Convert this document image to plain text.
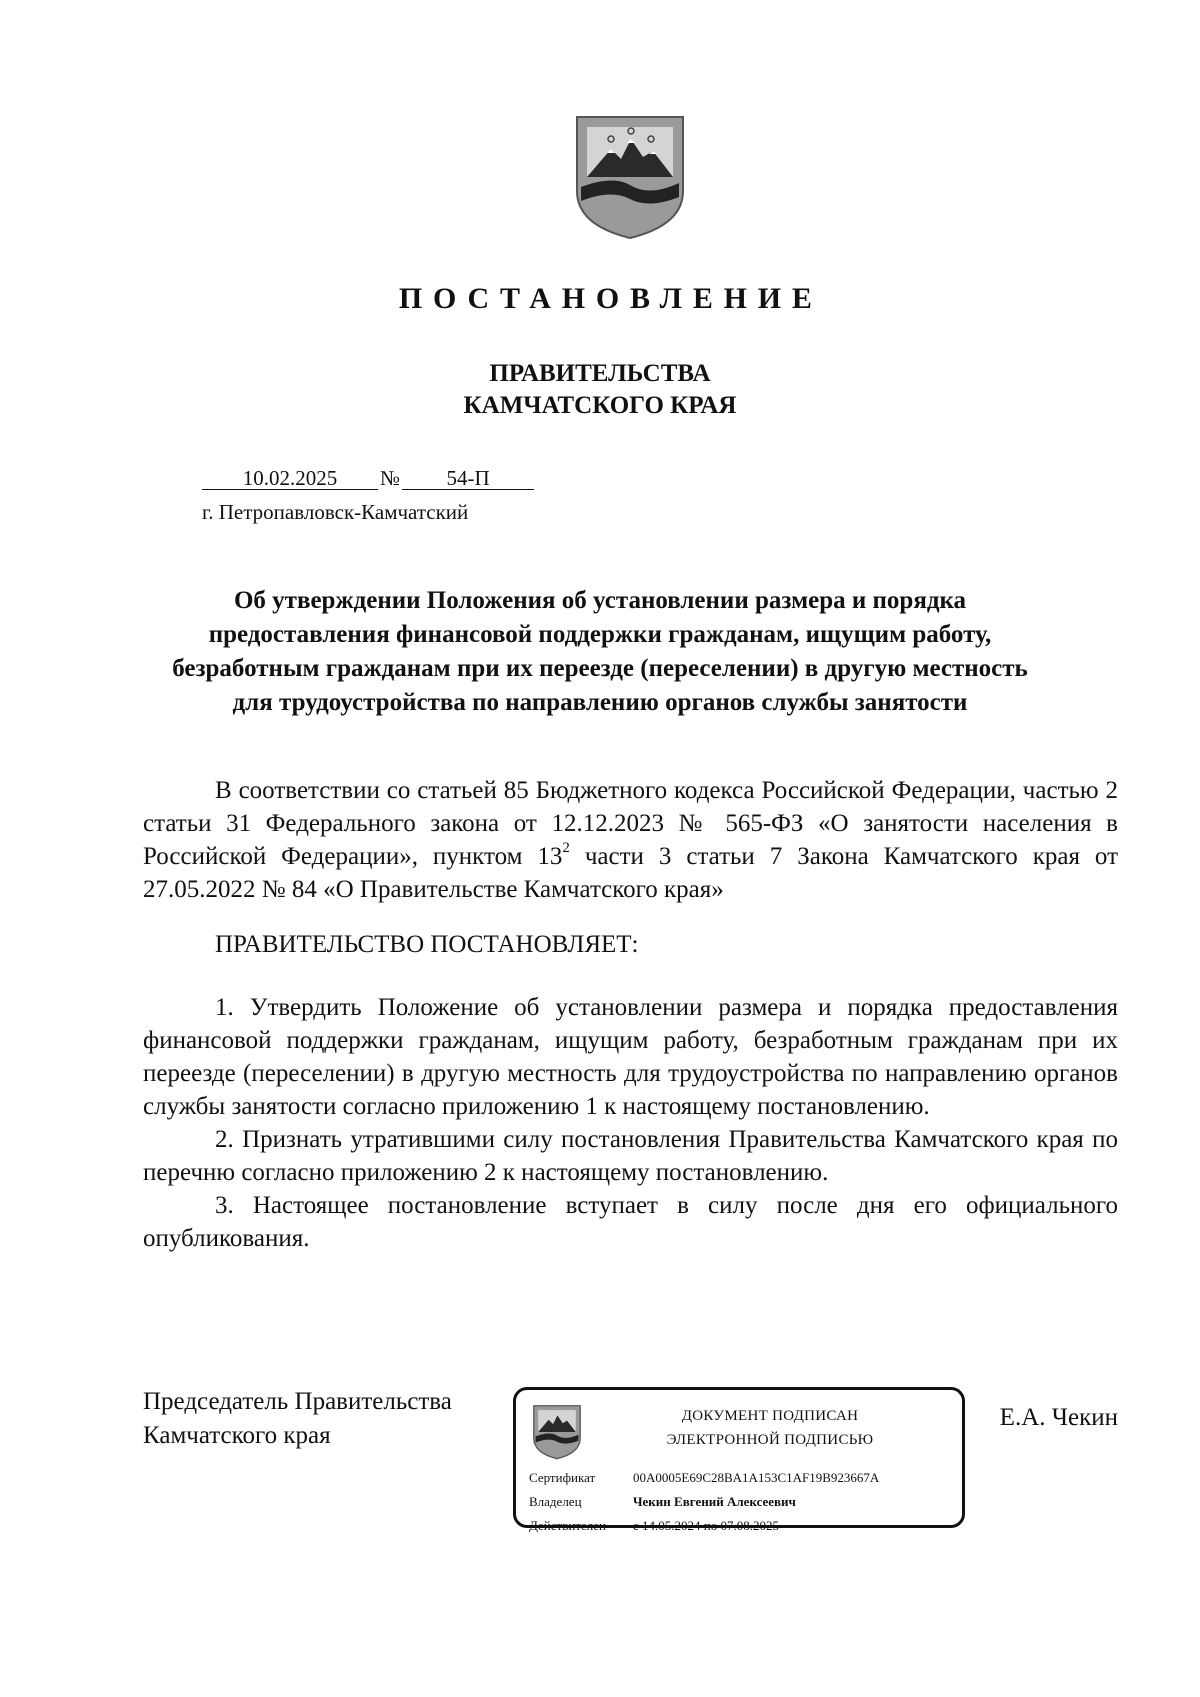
ПОСТАНОВЛЕНИЕ
ПРАВИТЕЛЬСТВА
КАМЧАТСКОГО КРАЯ
10.02.2025 № 54-П
г. Петропавловск-Камчатский
Об утверждении Положения об установлении размера и порядка
предоставления финансовой поддержки гражданам, ищущим работу,
безработным гражданам при их переезде (переселении) в другую местность
для трудоустройства по направлению органов службы занятости

В соответствии со статьей 85 Бюджетного кодекса Российской Федерации, частью 2 статьи 31 Федерального закона от 12.12.2023 № 565-ФЗ «О занятости населения в Российской Федерации», пунктом $13^2$ части 3 статьи 7 Закона Камчатского края от 27.05.2022 № 84 «О Правительстве Камчатского края»

ПРАВИТЕЛЬСТВО ПОСТАНОВЛЯЕТ:

1. Утвердить Положение об установлении размера и порядка предоставления финансовой поддержки гражданам, ищущим работу, безработным гражданам при их переезде (переселении) в другую местность для трудоустройства по направлению органов службы занятости согласно приложению 1 к настоящему постановлению.

2. Признать утратившими силу постановления Правительства Камчатского края по перечню согласно приложению 2 к настоящему постановлению.

3. Настоящее постановление вступает в силу после дня его официального опубликования.

Председатель Правительства
Камчатского края
ДОКУМЕНТ ПОДПИСАН
ЭЛЕКТРОННОЙ ПОДПИСЬЮ
Сертификат	00A0005E69C28BA1A153C1AF19B923667A
Владелец	Чекин Евгений Алексеевич
Действителен с 14.05.2024 по 07.08.2025
Е.А. Чекин
